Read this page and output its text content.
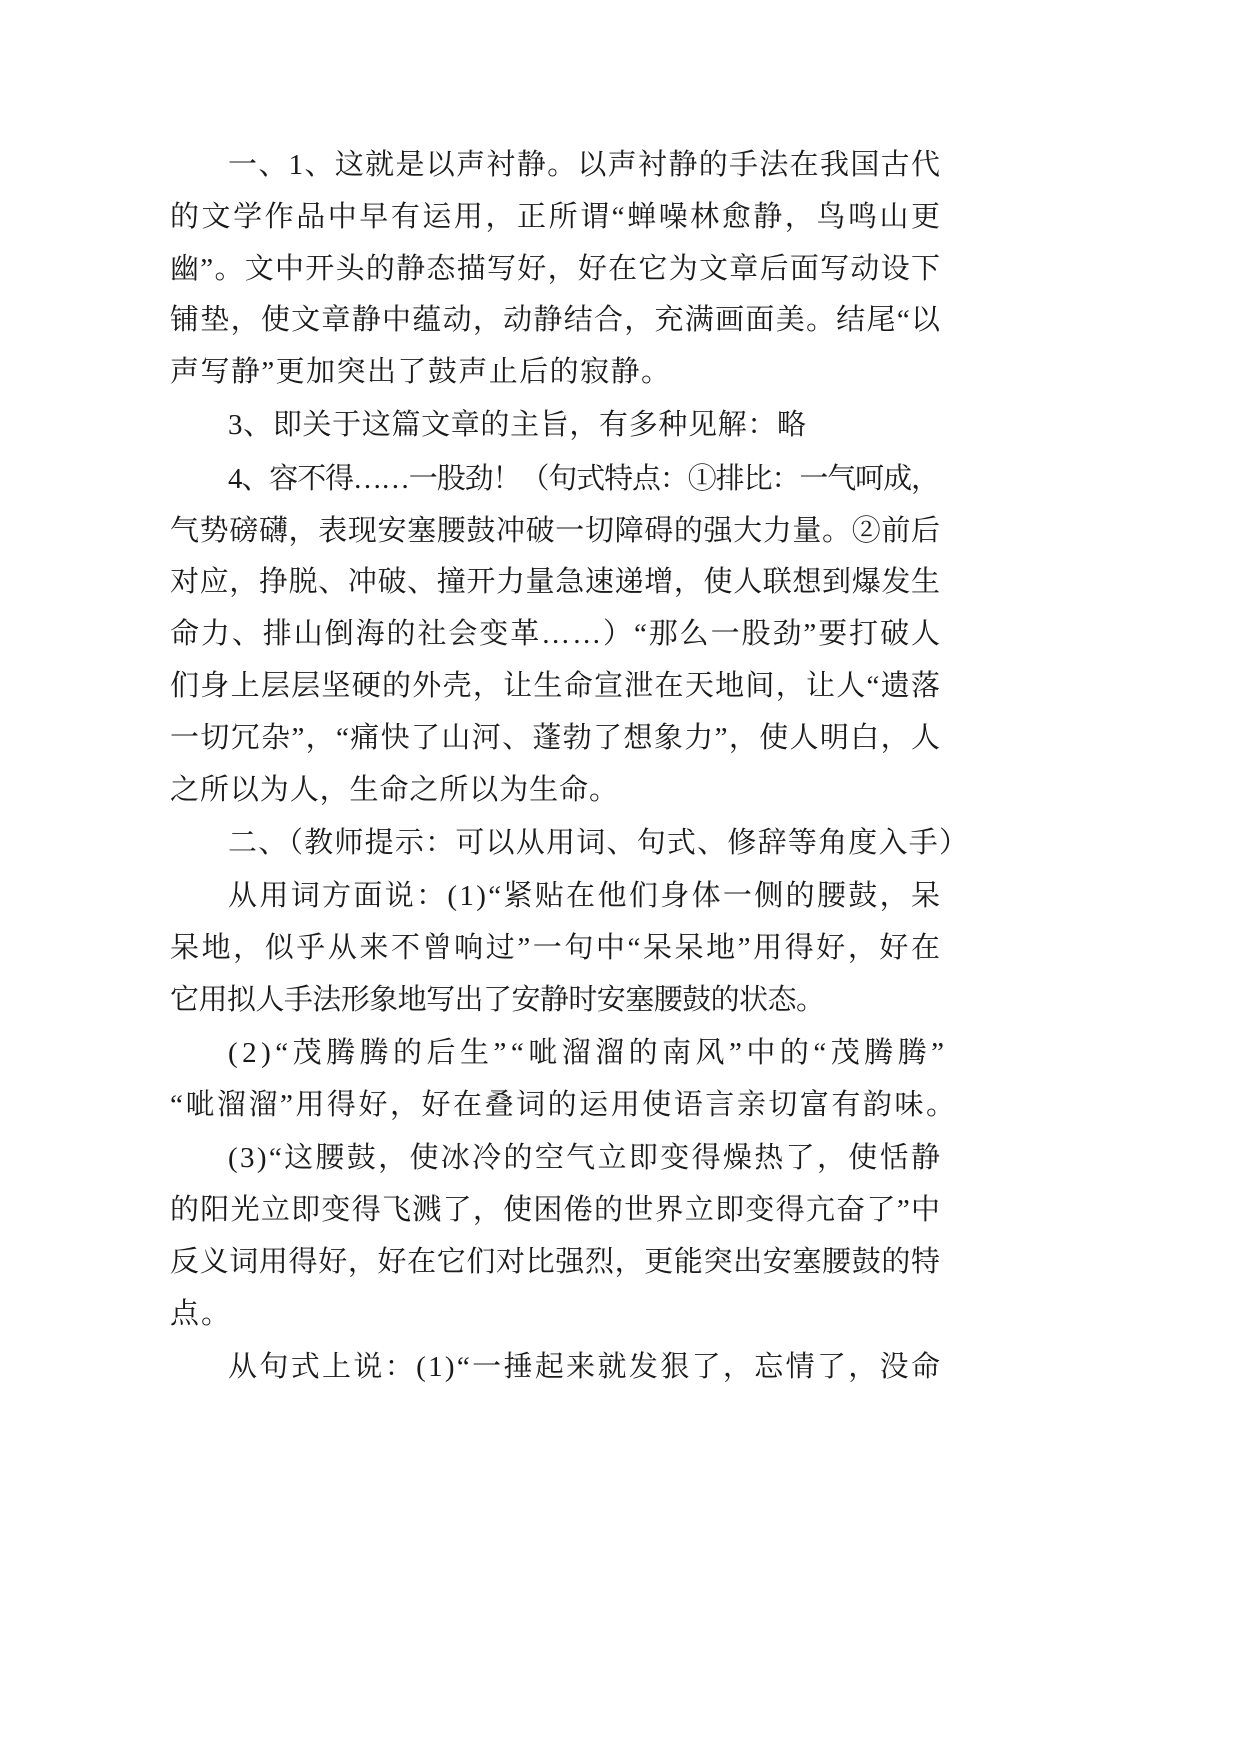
一、1、这就是以声衬静。以声衬静的手法在我国古代
的文学作品中早有运用，正所谓“蝉噪林愈静，鸟鸣山更
幽”。文中开头的静态描写好，好在它为文章后面写动设下
铺垫，使文章静中蕴动，动静结合，充满画面美。结尾“以
声写静”更加突出了鼓声止后的寂静。
3、即关于这篇文章的主旨，有多种见解：略
4、容不得……一股劲！（句式特点：①排比：一气呵成，
气势磅礴，表现安塞腰鼓冲破一切障碍的强大力量。②前后
对应，挣脱、冲破、撞开力量急速递增，使人联想到爆发生
命力、排山倒海的社会变革……）“那么一股劲”要打破人
们身上层层坚硬的外壳，让生命宣泄在天地间，让人“遗落
一切冗杂”，“痛快了山河、蓬勃了想象力”，使人明白，人
之所以为人，生命之所以为生命。
二、（教师提示：可以从用词、句式、修辞等角度入手）
从用词方面说：(1)“紧贴在他们身体一侧的腰鼓，呆
呆地，似乎从来不曾响过”一句中“呆呆地”用得好，好在
它用拟人手法形象地写出了安静时安塞腰鼓的状态。
(2)“茂腾腾的后生”“呲溜溜的南风”中的“茂腾腾”
“呲溜溜”用得好，好在叠词的运用使语言亲切富有韵味。
(3)“这腰鼓，使冰冷的空气立即变得燥热了，使恬静
的阳光立即变得飞溅了，使困倦的世界立即变得亢奋了”中
反义词用得好，好在它们对比强烈，更能突出安塞腰鼓的特
点。
从句式上说：(1)“一捶起来就发狠了，忘情了，没命
